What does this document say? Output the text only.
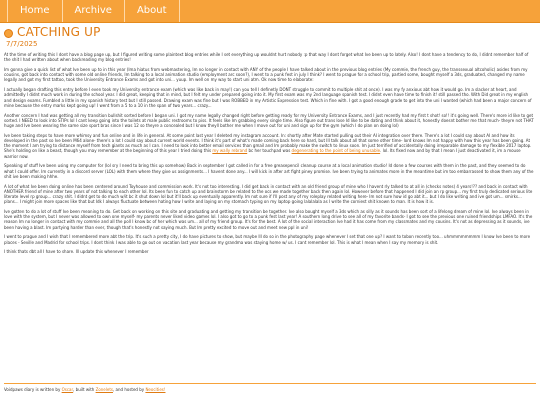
Home	Archive	About
CATCHING UP
7/7/2025

At the time of writing this I dont have a blog page up, but I figured writing some plaintext blog entries while I set everything up wouldnt hurt nobody :p that way I dont forget what Ive been up to lately. Also! I dont have a tendency to do, I didnt remember half of the shit I had written about when backreading my blog entries!

Im gonna give a quick list of what Ive been up to in this year (Ima hiatus from webmastering, Im no longer in contact with ANY of the people I have talked about in the previous blog entries (My commie, the french guy, the transsexual altcoholic) asides from my cousins, got back into contact with some old online friends, Im talking to a local animation studio (employment arc soon?), I went to a punk fest in july I think? I went to prague for a school trip, partied some, bought myself a 3ds, graduated, changed my name legally and got my first tattoo, took the University Entrance Exams and got into uni... yuup. Im well on my way to start uni atm. Ok now time to elaborate:

I actually began drafting this entry before I even took my University entrance exam (which was like back in may!) can you tell I definetly DONT struggle to commit to multiple shit at once). I was my fy anxious abt how it would go. Im a slacker at heart, and admittedly I didnt much work in during the school year. I did great, keeping that in mind, but I felt my under prepared going into it. My first exam was my 2nd language spanish test. I didnt even have time to finish it! still passed tho. With Did great in my english and design exams. Fumbled a little in my spanish history test but I still passed. Drawing exam was fine but I was ROBBED in my Artistic Expression test. Which in fine with. I got a good enough grade to get into the uni I wanted (which had been a major concern of mine because the entry marks kept going up! I went from a 5 to a 10 in the span of two years... crazy...

Another concern I had was getting all my transition bullshit sorted before I began uni. I got my name legally changed right before getting ready for my University Entrance Exams, and I just recently had my first t shot! so!! it's going well. There's more id like to get sorted. I NEED to look into STIPs lol I cant keep going into the toilets at male public restrooms to piss. It feels like Im grabbing every single time. Also figure out trans lose Id like to be dating and think about it, honestly doesnt bother me that much- theyre not THAT huge and Ive been wearing the same size sport bras since I was 12 so theyre a concealed but I know theyll bother me when I move out for uni and sign up for the gym (which I do plan on doing lol)

Ive been taking steps to have more whimsy and fun online and in life in general. At some point last year I deleted my instagram account. In: shortly after Mate started pulling out their AI integration over there. There's a lot I could say about AI and how its developed in the past so Ive been M64 alone- there's a lot I could say about current world events. I think it's part of what's made coming back here so hard, but Ill talk about all that some other time- lord knows Im not happy with how this year has been going. At the moment I am trying to distance myself from tech giants as much as I can. I need to look into better email services than gmail and Im probably make the switch to linux soon. Im just terrified of accidentally doing irreparable damage to my flexible 2017 laptop. She's holding on like a beast, though you may remember at the beginning of this year I tried doing this my wally rebrand bc her touchpad was degenerating to the point of being unusable. lol. Its fixed now and by that I mean I just deactivated it, im a mouse warrior now.

Speaking of stuff Ive been using my computer for (lol sry I need to bring this up somehow) Back in september I got called in for a free greasepencil cleanup course at a local animation studio! Id done a few courses with them in the past, and they seemed to do what I could offer. Im currently in a discord server (LOL) with them where they give us assignments... I havent done any... I will kick in after art fight piney promise. Ive been trying to animates more in the meantime but im too embarrassed to show them any of the shit ive been making hhhe.

A lot of what Ive been doing online has been centered around Toyhouse and commission work. It's not too interesting. I did get back in contact with an old friend group of mine who I havent rly talked to at all in (checks notes) 4 years!?? and back in contact with ANOTHER friend of mine after two years of not talking to each other lol. Its been fun to catch up and brainstorm be related to the ocs we made together back then again lol. However before that happened I did join an rp group... my first truly dedicated serious lite literate level rp group... crazy shit. I didnt get to do much w/it bc it shut down lol but it'll back up eventually apparently. Im not sure if I'll post any of my roleplay related writing here- Im not sure how id go abt it... but I do like writing and ive got um... smirks... plans... I might join more spaces like that but Idk I always fluctuate between hating how I write and laying on my stomach typing on my laptop going lalalalala as I write the corniest shit known to man. It is how it is.

Ive gotten to do a lot of stuff Ive been meaning to do. Get back on working on this site and graduating and getting my transition be together. Ive also bought myself a 3ds which as silly as it sounds has been sort of a lifelong dream of mine lol. Ive always been in love with the system, but I never was allowed to own one myself- my parents never liked video games lol. I also got to go to a punk fest last year! A southern long drive to see all of my favorite bands- I got to see the previous one ruined friendships LMFAO. It's the reason Im no longer in contact with my commie and all the poll I know bc of her which was um... all of my friend group. It's for the best. A lot of the social interaction Ive had it has come from my classmates and my cousins. It's not as depressing as it sounds, ive been having a blast. Im partying harder than ever, though that's honestly not saying much. But Im pretty excited to move out and meet new ppl in uni!

I went to prague and I wish that I remembered more abt the trip. It's such a pretty city, I do have pictures to show, but maybe Ill do so in the photography page whenever I set that one up? I want to tobon recently too... uhmmmmmmmm I know Ive been to more places - Seville and Madrid for school trips. I dont think I was able to go out on vacation last year because my grandma was staying home w/ us. I cant remember lol. This is what I mean when I say my memory is shit.

I think thats dbt all I have to share. Ill update this whenever I remember

Voidpaws diary is written by Oscar, built with Zonelets, and hosted by Neocities!
